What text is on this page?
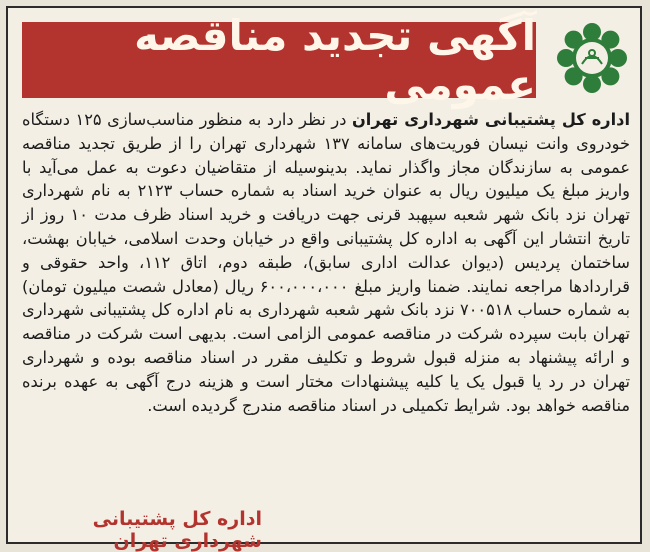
آگهی تجدید مناقصه عمومی
اداره کل پشتیبانی شهرداری تهران در نظر دارد به منظور مناسب‌سازی ۱۲۵ دستگاه خودروی وانت نیسان فوریت‌های سامانه ۱۳۷ شهرداری تهران را از طریق تجدید مناقصه عمومی به سازندگان مجاز واگذار نماید. بدینوسیله از متقاضیان دعوت به عمل می‌آید با واریز مبلغ یک میلیون ریال به عنوان خرید اسناد به شماره حساب ۲۱۲۳ به نام شهرداری تهران نزد بانک شهر شعبه سپهبد قرنی جهت دریافت و خرید اسناد ظرف مدت ۱۰ روز از تاریخ انتشار این آگهی به اداره کل پشتیبانی واقع در خیابان وحدت اسلامی، خیابان بهشت، ساختمان پردیس (دیوان عدالت اداری سابق)، طبقه دوم، اتاق ۱۱۲، واحد حقوقی و قراردادها مراجعه نمایند. ضمنا واریز مبلغ ۶۰۰،۰۰۰،۰۰۰ ریال (معادل شصت میلیون تومان) به شماره حساب ۷۰۰۵۱۸ نزد بانک شهر شعبه شهرداری به نام اداره کل پشتیبانی شهرداری تهران بابت سپرده شرکت در مناقصه عمومی الزامی است. بدیهی است شرکت در مناقصه و ارائه پیشنهاد به منزله قبول شروط و تکلیف مقرر در اسناد مناقصه بوده و شهرداری تهران در رد یا قبول یک یا کلیه پیشنهادات مختار است و هزینه درج آگهی به عهده برنده مناقصه خواهد بود. شرایط تکمیلی در اسناد مناقصه مندرج گردیده است.
اداره کل پشتیبانی شهرداری تهران
